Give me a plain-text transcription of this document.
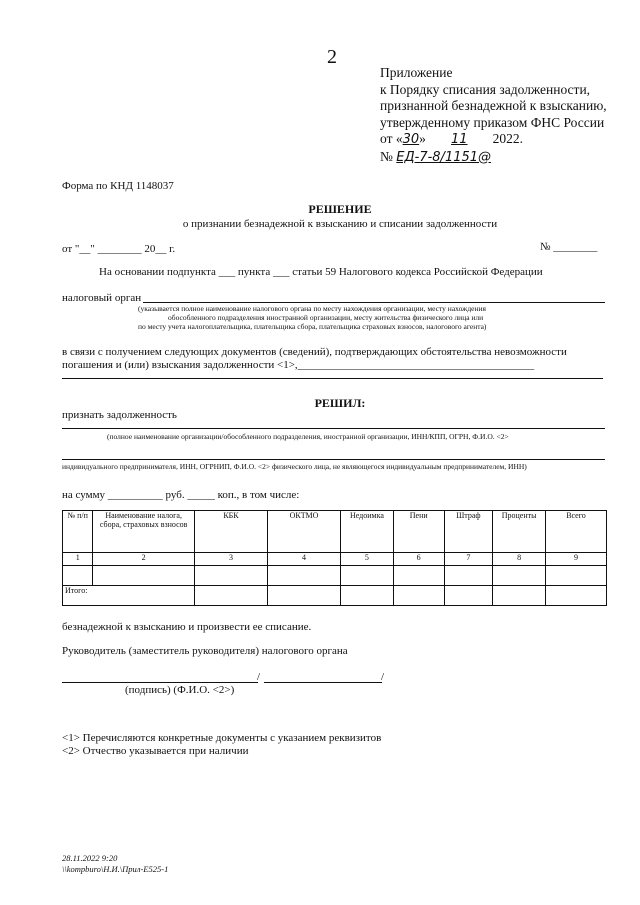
2
Приложение
к Порядку списания задолженности,
признанной безнадежной к взысканию,
утвержденному приказом ФНС России
от «30» 11 2022.
№ ЕД-7-8/1151@
Форма по КНД 1148037
РЕШЕНИЕ
о признании безнадежной к взысканию и списании задолженности
от "__" ________ 20__ г.	№ ________
На основании подпункта ___ пункта ___ статьи 59 Налогового кодекса Российской Федерации
налоговый орган
(указывается полное наименование налогового органа по месту нахождения организации, месту нахождения
обособленного подразделения иностранной организации, месту жительства физического лица или
по месту учета налогоплательщика, плательщика сбора, плательщика страховых взносов, налогового агента)
в связи с получением следующих документов (сведений), подтверждающих обстоятельства невозможности погашения и (или) взыскания задолженности <1>,___________________________________________
РЕШИЛ:
признать задолженность
(полное наименование организации/обособленного подразделения, иностранной организации, ИНН/КПП, ОГРН, Ф.И.О. <2>
индивидуального предпринимателя, ИНН, ОГРНИП, Ф.И.О. <2> физического лица, не являющегося индивидуальным предпринимателем, ИНН)
на сумму __________ руб. _____ коп., в том числе:
№ п/п	Наименование налога, сбора, страховых взносов	КБК	ОКТМО	Недоимка	Пени	Штраф	Проценты	Всего
1	2	3	4	5	6	7	8	9

Итого:								
безнадежной к взысканию и произвести ее списание.
Руководитель (заместитель руководителя) налогового органа
/	/
(подпись) (Ф.И.О. <2>)
<1> Перечисляются конкретные документы с указанием реквизитов
<2> Отчество указывается при наличии
28.11.2022 9:20
\\kompburo\Н.И.\Прил-Е525-1
